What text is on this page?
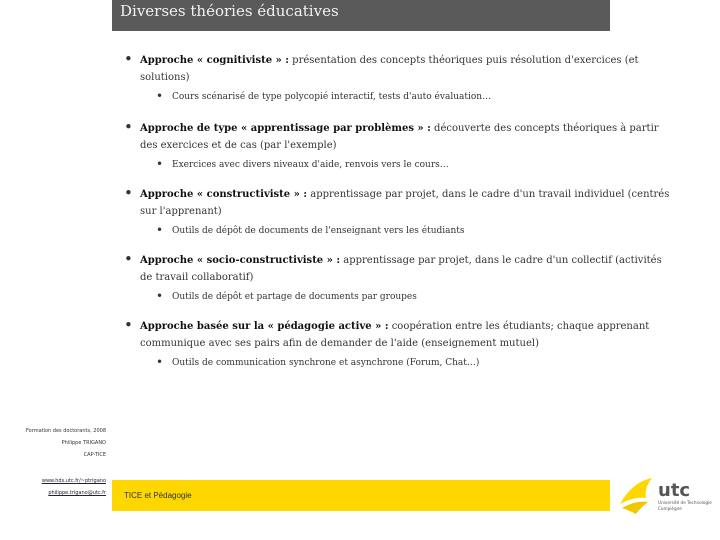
Diverses théories éducatives
• Approche « cognitiviste » : présentation des concepts théoriques puis résolution d'exercices (et solutions)
• Cours scénarisé de type polycopié interactif, tests d'auto évaluation…
• Approche de type « apprentissage par problèmes » : découverte des concepts théoriques à partir des exercices et de cas (par l'exemple)
• Exercices avec divers niveaux d'aide, renvois vers le cours…
• Approche « constructiviste » : apprentissage par projet, dans le cadre d'un travail individuel (centrés sur l'apprenant)
• Outils de dépôt de documents de l'enseignant vers les étudiants
• Approche « socio-constructiviste » : apprentissage par projet, dans le cadre d'un collectif (activités de travail collaboratif)
• Outils de dépôt et partage de documents par groupes
• Approche basée sur la « pédagogie active » : coopération entre les étudiants; chaque apprenant communique avec ses pairs afin de demander de l'aide (enseignement mutuel)
• Outils de communication synchrone et asynchrone (Forum, Chat…)
Formation des doctorants, 2008
Philippe TRIGANO
CAP-TICE
www.hds.utc.fr/~ptrigano
philippe.trigano@utc.fr TICE et Pédagogie	utc
Université de Technologie
Compiègne
